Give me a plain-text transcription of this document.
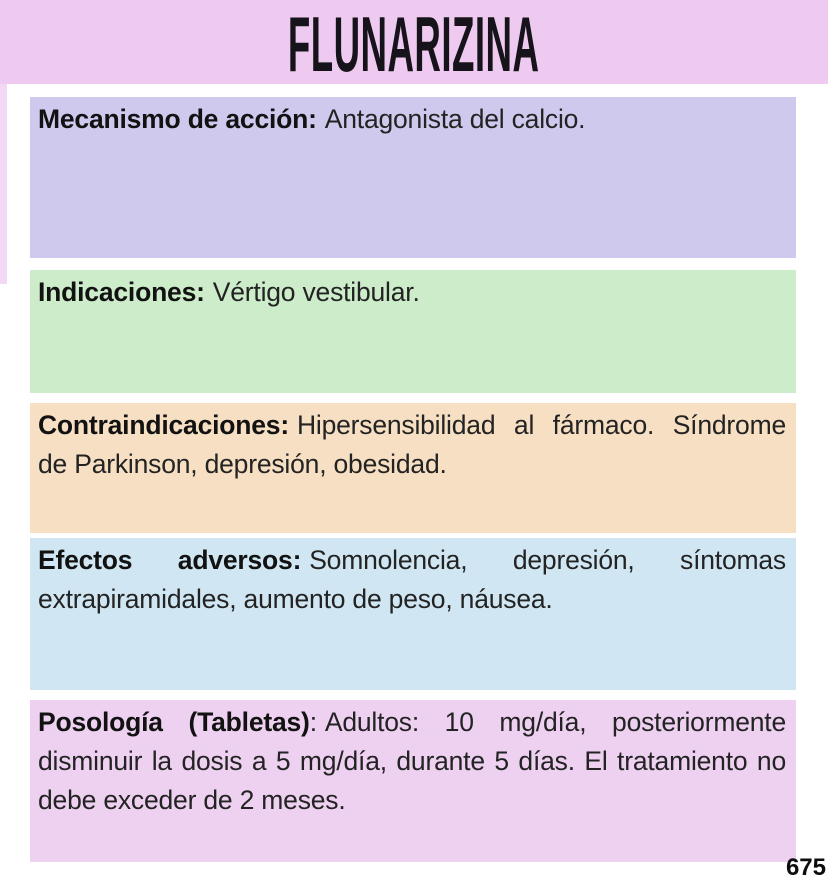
FLUNARIZINA
Mecanismo de acción: Antagonista del calcio.
Indicaciones: Vértigo vestibular.
Contraindicaciones: Hipersensibilidad al fármaco. Síndrome de Parkinson, depresión, obesidad.
Efectos adversos: Somnolencia, depresión, síntomas extrapiramidales, aumento de peso, náusea.
Posología (Tabletas): Adultos: 10 mg/día, posteriormente disminuir la dosis a 5 mg/día, durante 5 días. El tratamiento no debe exceder de 2 meses.
675
